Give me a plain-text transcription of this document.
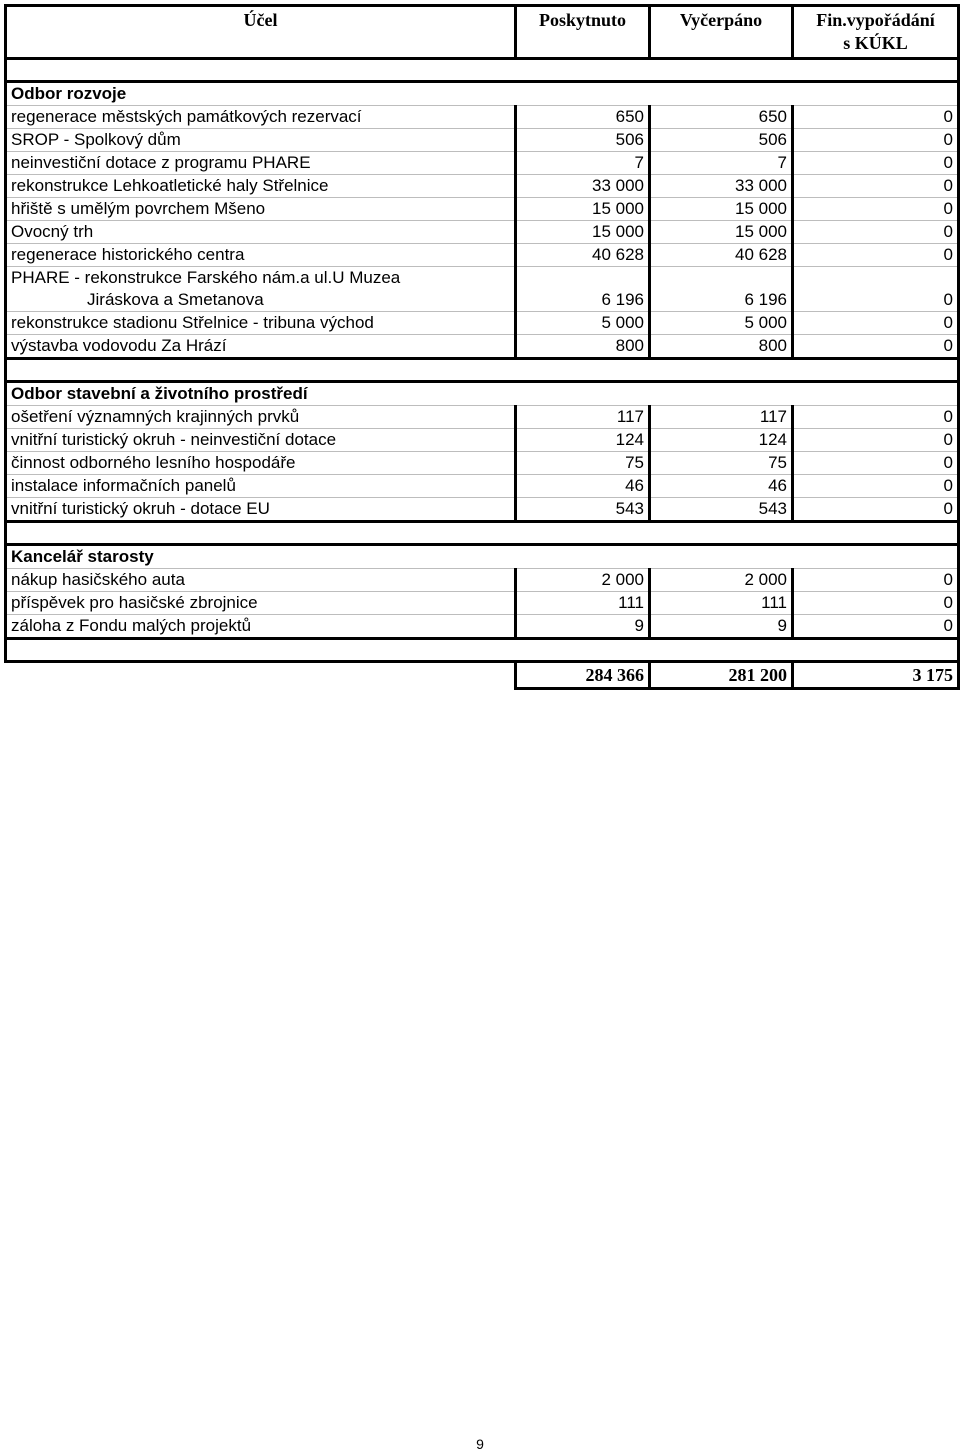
Účel	Poskytnuto	Vyčerpáno	Fin.vypořádání
s KÚKL

Odbor rozvoje			
regenerace městských památkových rezervací	650	650	0
SROP - Spolkový dům	506	506	0
neinvestiční dotace z programu PHARE	7	7	0
rekonstrukce Lehkoatletické haly Střelnice	33 000	33 000	0
hřiště s umělým povrchem Mšeno	15 000	15 000	0
Ovocný trh	15 000	15 000	0
regenerace historického centra	40 628	40 628	0
PHARE - rekonstrukce Farského nám.a ul.U Muzea

Jiráskova a Smetanova	6 196	6 196	0
rekonstrukce stadionu Střelnice - tribuna východ	5 000	5 000	0
výstavba vodovodu Za Hrází	800	800	0

Odbor stavební a životního prostředí			
ošetření významných krajinných prvků	117	117	0
vnitřní turistický okruh - neinvestiční dotace	124	124	0
činnost odborného lesního hospodáře	75	75	0
instalace informačních panelů	46	46	0
vnitřní turistický okruh - dotace EU	543	543	0

Kancelář starosty			
nákup hasičského auta	2 000	2 000	0
příspěvek pro hasičské zbrojnice	111	111	0
záloha z Fondu malých projektů	9	9	0

	284 366	281 200	3 175
9
